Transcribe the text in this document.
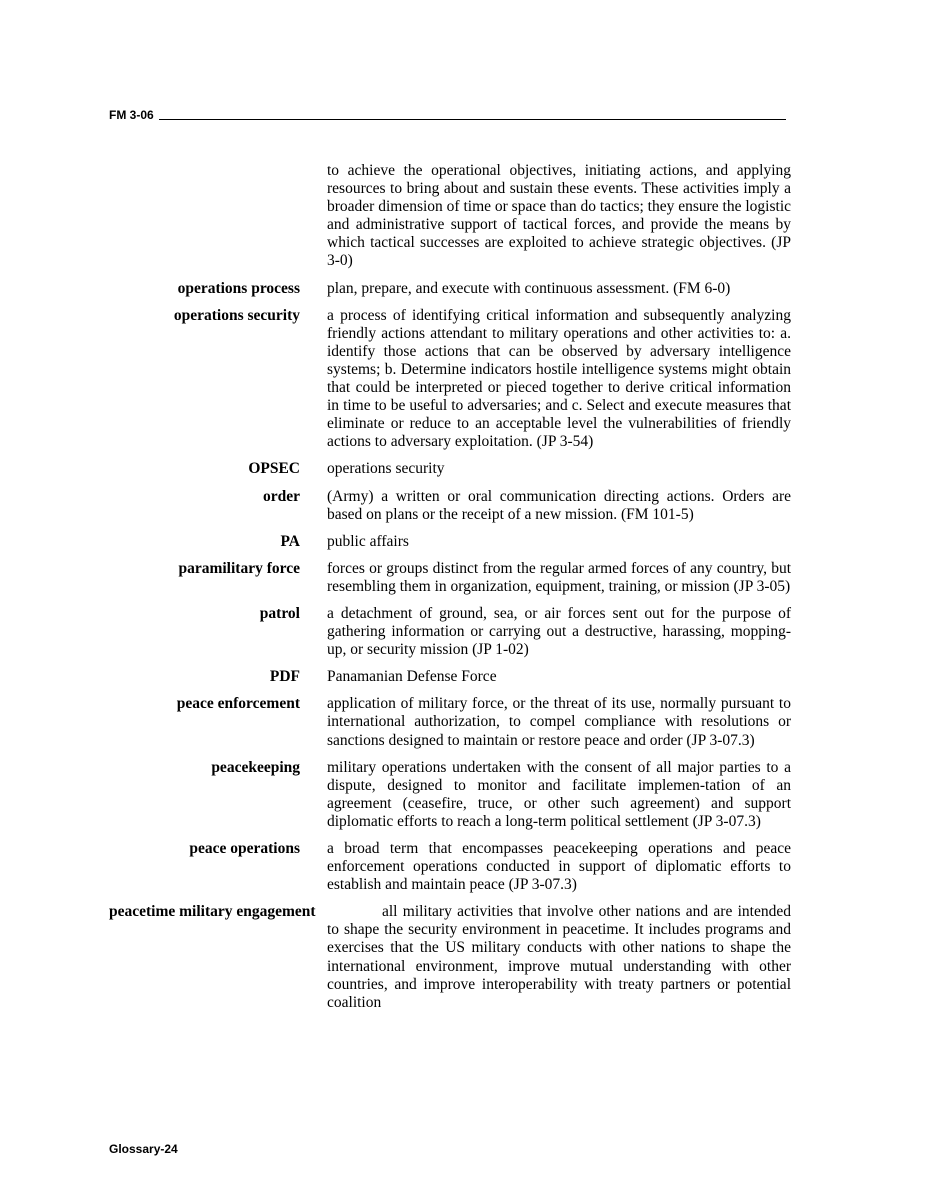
FM 3-06
to achieve the operational objectives, initiating actions, and applying resources to bring about and sustain these events. These activities imply a broader dimension of time or space than do tactics; they ensure the logistic and administrative support of tactical forces, and provide the means by which tactical successes are exploited to achieve strategic objectives. (JP 3-0)
operations process plan, prepare, and execute with continuous assessment. (FM 6-0)
operations security a process of identifying critical information and subsequently analyzing friendly actions attendant to military operations and other activities to: a. identify those actions that can be observed by adversary intelligence systems; b. Determine indicators hostile intelligence systems might obtain that could be interpreted or pieced together to derive critical information in time to be useful to adversaries; and c. Select and execute measures that eliminate or reduce to an acceptable level the vulnerabilities of friendly actions to adversary exploitation. (JP 3-54)
OPSEC operations security
order (Army) a written or oral communication directing actions. Orders are based on plans or the receipt of a new mission. (FM 101-5)
PA public affairs
paramilitary force forces or groups distinct from the regular armed forces of any country, but resembling them in organization, equipment, training, or mission (JP 3-05)
patrol a detachment of ground, sea, or air forces sent out for the purpose of gathering information or carrying out a destructive, harassing, mopping-up, or security mission (JP 1-02)
PDF Panamanian Defense Force
peace enforcement application of military force, or the threat of its use, normally pursuant to international authorization, to compel compliance with resolutions or sanctions designed to maintain or restore peace and order (JP 3-07.3)
peacekeeping military operations undertaken with the consent of all major parties to a dispute, designed to monitor and facilitate implemen-tation of an agreement (ceasefire, truce, or other such agreement) and support diplomatic efforts to reach a long-term political settlement (JP 3-07.3)
peace operations a broad term that encompasses peacekeeping operations and peace enforcement operations conducted in support of diplomatic efforts to establish and maintain peace (JP 3-07.3)
peacetime military engagement	all military activities that involve other nations and are intended to shape the security environment in peacetime. It includes programs and exercises that the US military conducts with other nations to shape the international environment, improve mutual understanding with other countries, and improve interoperability with treaty partners or potential coalition
Glossary-24
